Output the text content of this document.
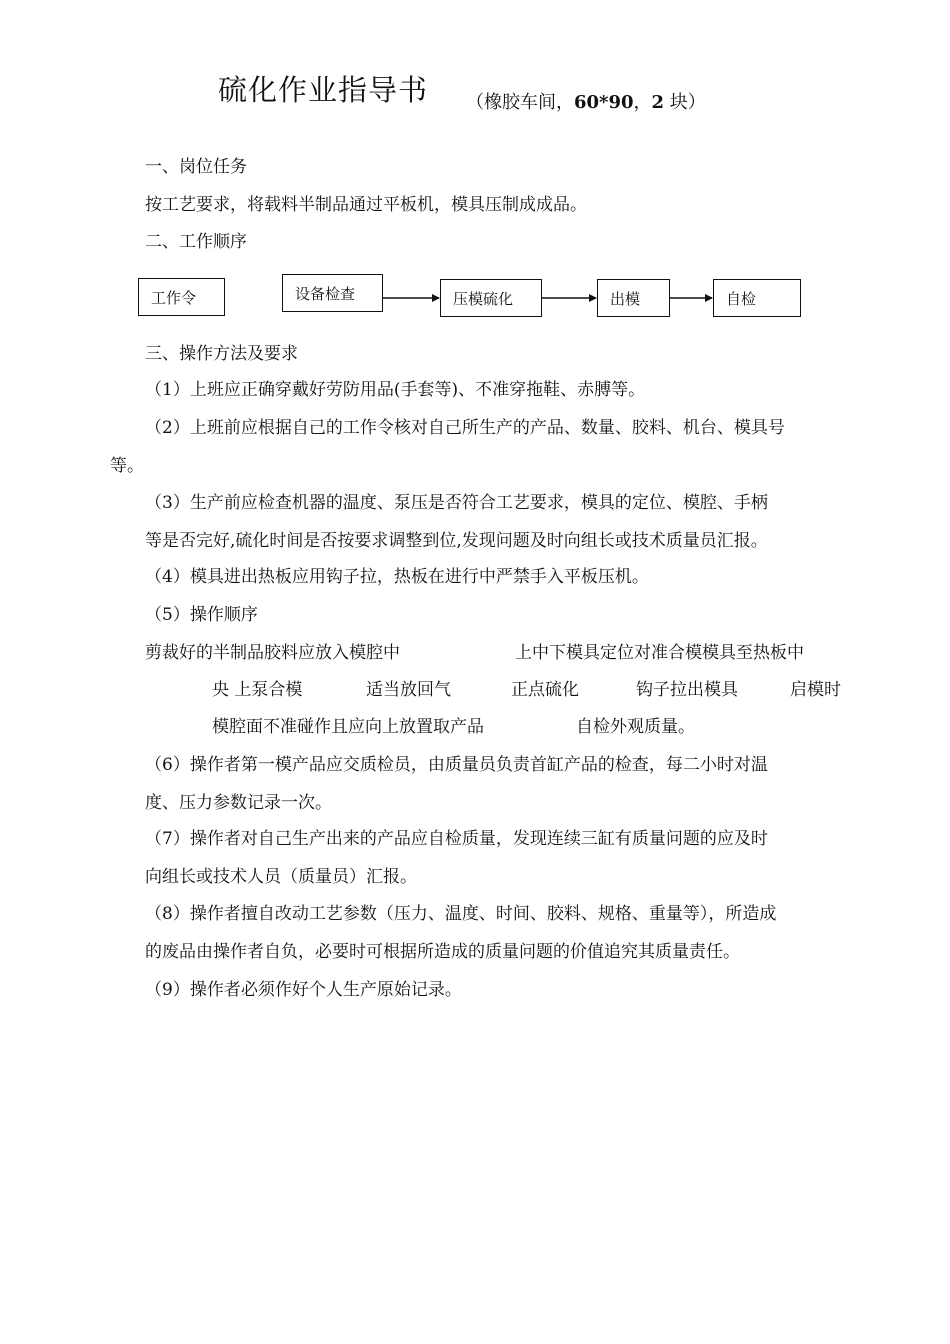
硫化作业指导书 （橡胶车间，60*90，2 块）
一、岗位任务
按工艺要求，将载料半制品通过平板机，模具压制成成品。
二、工作顺序
工作令	设备检查	压模硫化	出模	自检
三、操作方法及要求
（1）上班应正确穿戴好劳防用品(手套等)、不准穿拖鞋、赤膊等。
（2）上班前应根据自己的工作令核对自己所生产的产品、数量、胶料、机台、模具号
等。
（3）生产前应检查机器的温度、泵压是否符合工艺要求，模具的定位、模腔、手柄
等是否完好,硫化时间是否按要求调整到位,发现问题及时向组长或技术质量员汇报。
（4）模具进出热板应用钩子拉，热板在进行中严禁手入平板压机。
（5）操作顺序
剪裁好的半制品胶料应放入模腔中	上中下模具定位对准合模模具至热板中
央 上泵合模	适当放回气	正点硫化	钩子拉出模具	启模时
模腔面不准碰作且应向上放置取产品	自检外观质量。
（6）操作者第一模产品应交质检员，由质量员负责首缸产品的检查，每二小时对温
度、压力参数记录一次。
（7）操作者对自己生产出来的产品应自检质量，发现连续三缸有质量问题的应及时
向组长或技术人员（质量员）汇报。
（8）操作者擅自改动工艺参数（压力、温度、时间、胶料、规格、重量等），所造成
的废品由操作者自负，必要时可根据所造成的质量问题的价值追究其质量责任。
（9）操作者必须作好个人生产原始记录。
